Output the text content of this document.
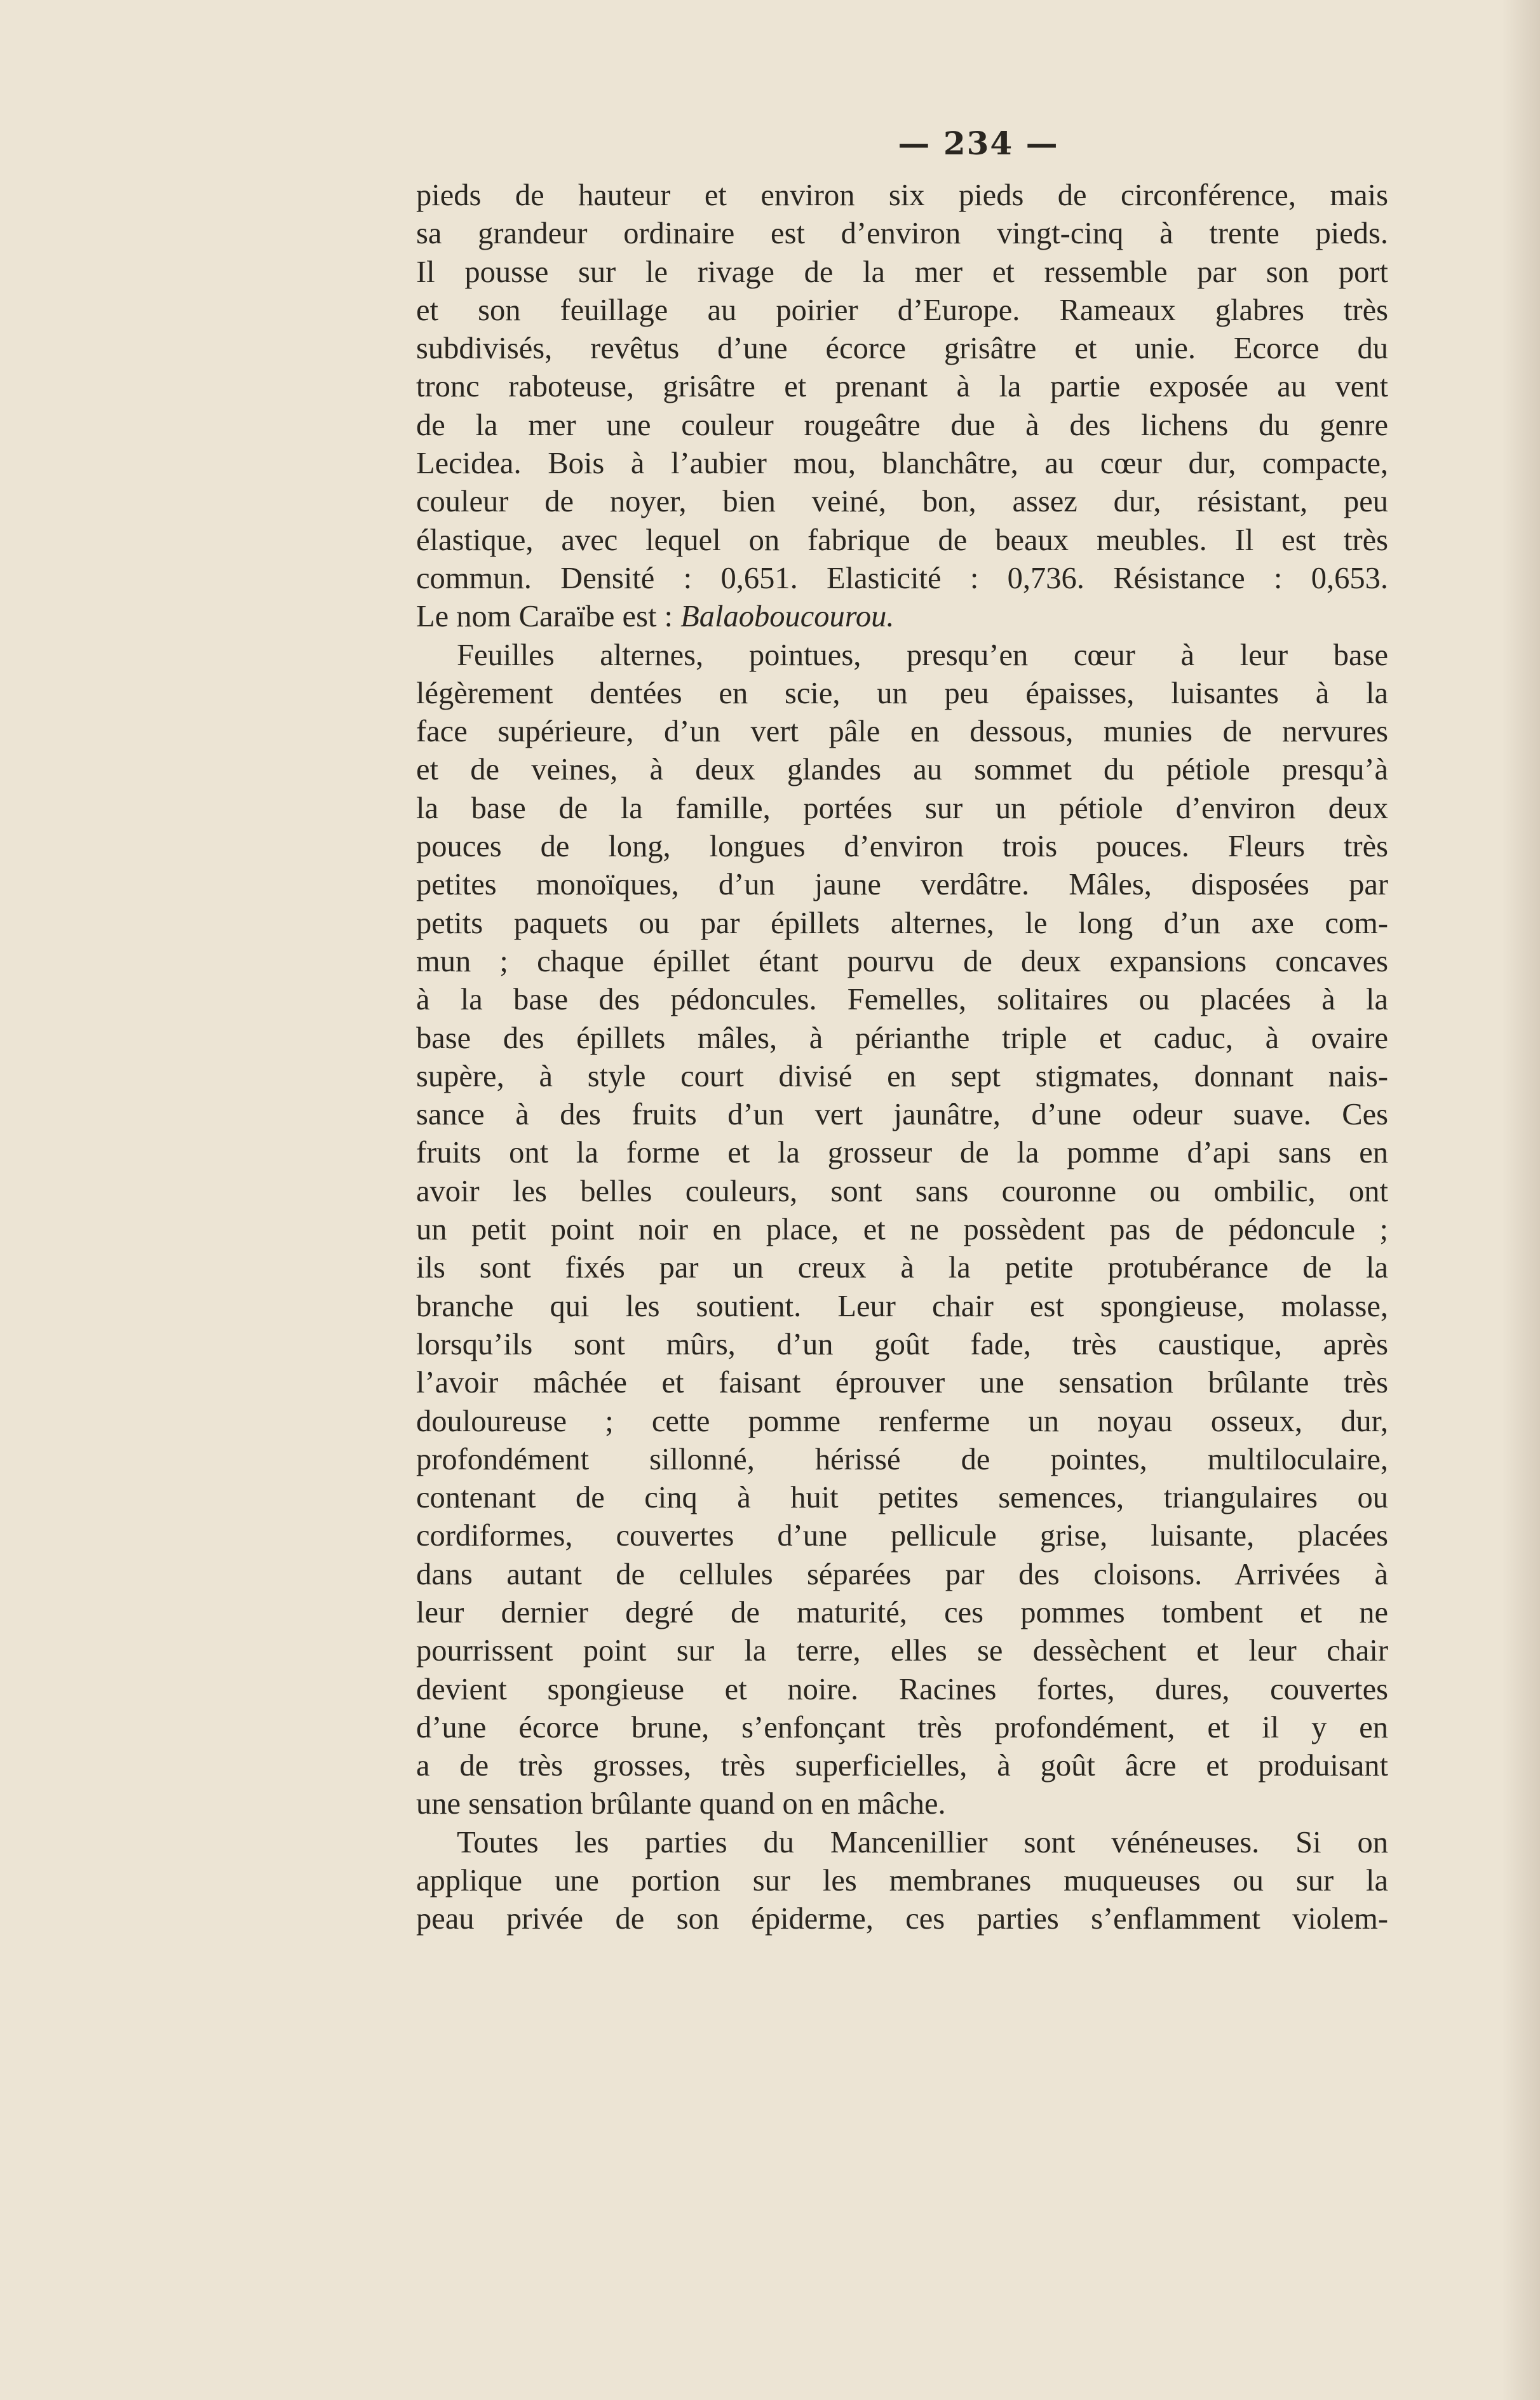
— 234 —
pieds de hauteur et environ six pieds de circonférence, mais
sa grandeur ordinaire est d’environ vingt-cinq à trente pieds.
Il pousse sur le rivage de la mer et ressemble par son port
et son feuillage au poirier d’Europe. Rameaux glabres très
subdivisés, revêtus d’une écorce grisâtre et unie. Ecorce du
tronc raboteuse, grisâtre et prenant à la partie exposée au vent
de la mer une couleur rougeâtre due à des lichens du genre
Lecidea. Bois à l’aubier mou, blanchâtre, au cœur dur, compacte,
couleur de noyer, bien veiné, bon, assez dur, résistant, peu
élastique, avec lequel on fabrique de beaux meubles. Il est très
commun. Densité : 0,651. Elasticité : 0,736. Résistance : 0,653.
Le nom Caraïbe est : Balaoboucourou.
Feuilles alternes, pointues, presqu’en cœur à leur base
légèrement dentées en scie, un peu épaisses, luisantes à la
face supérieure, d’un vert pâle en dessous, munies de nervures
et de veines, à deux glandes au sommet du pétiole presqu’à
la base de la famille, portées sur un pétiole d’environ deux
pouces de long, longues d’environ trois pouces. Fleurs très
petites monoïques, d’un jaune verdâtre. Mâles, disposées par
petits paquets ou par épillets alternes, le long d’un axe com-
mun ; chaque épillet étant pourvu de deux expansions concaves
à la base des pédoncules. Femelles, solitaires ou placées à la
base des épillets mâles, à périanthe triple et caduc, à ovaire
supère, à style court divisé en sept stigmates, donnant nais-
sance à des fruits d’un vert jaunâtre, d’une odeur suave. Ces
fruits ont la forme et la grosseur de la pomme d’api sans en
avoir les belles couleurs, sont sans couronne ou ombilic, ont
un petit point noir en place, et ne possèdent pas de pédoncule ;
ils sont fixés par un creux à la petite protubérance de la
branche qui les soutient. Leur chair est spongieuse, molasse,
lorsqu’ils sont mûrs, d’un goût fade, très caustique, après
l’avoir mâchée et faisant éprouver une sensation brûlante très
douloureuse ; cette pomme renferme un noyau osseux, dur,
profondément sillonné, hérissé de pointes, multiloculaire,
contenant de cinq à huit petites semences, triangulaires ou
cordiformes, couvertes d’une pellicule grise, luisante, placées
dans autant de cellules séparées par des cloisons. Arrivées à
leur dernier degré de maturité, ces pommes tombent et ne
pourrissent point sur la terre, elles se dessèchent et leur chair
devient spongieuse et noire. Racines fortes, dures, couvertes
d’une écorce brune, s’enfonçant très profondément, et il y en
a de très grosses, très superficielles, à goût âcre et produisant
une sensation brûlante quand on en mâche.
Toutes les parties du Mancenillier sont vénéneuses. Si on
applique une portion sur les membranes muqueuses ou sur la
peau privée de son épiderme, ces parties s’enflamment violem-
